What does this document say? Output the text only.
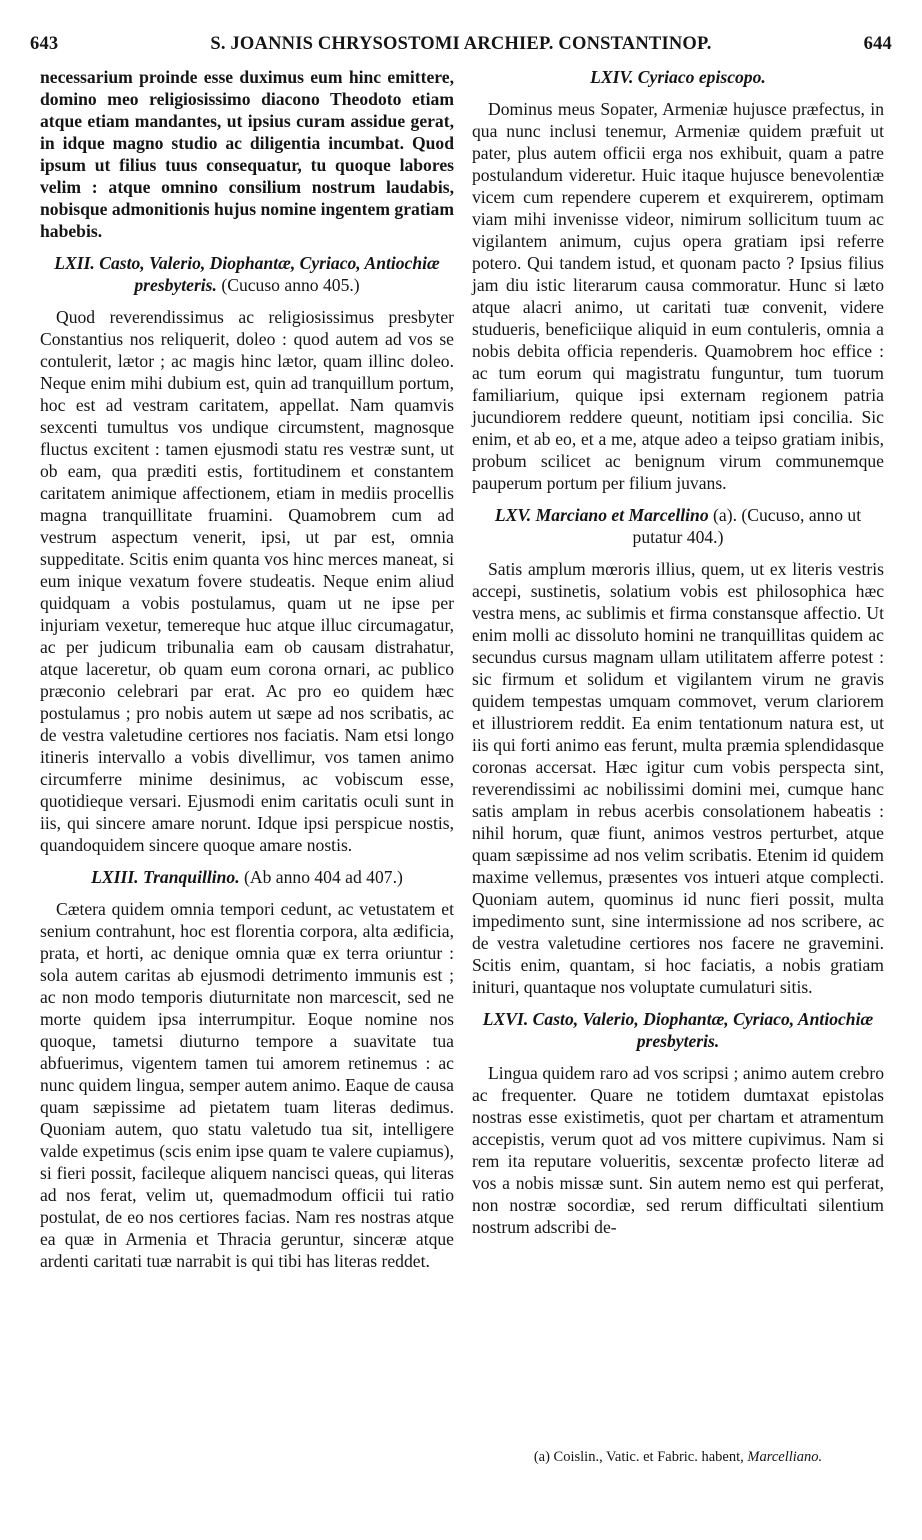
643	S. JOANNIS CHRYSOSTOMI ARCHIEP. CONSTANTINOP.	644

necessarium proinde esse duximus eum hinc emittere, domino meo religiosissimo diacono Theodoto etiam atque etiam mandantes, ut ipsius curam assidue gerat, in idque magno studio ac diligentia incumbat. Quod ipsum ut filius tuus consequatur, tu quoque labores velim : atque omnino consilium nostrum laudabis, nobisque admonitionis hujus nomine ingentem gratiam habebis.

LXII. Casto, Valerio, Diophantæ, Cyriaco, Antiochiæ presbyteris. (Cucuso anno 405.)

Quod reverendissimus ac religiosissimus presbyter Constantius nos reliquerit, doleo : quod autem ad vos se contulerit, lætor ; ac magis hinc lætor, quam illinc doleo. Neque enim mihi dubium est, quin ad tranquillum portum, hoc est ad vestram caritatem, appellat. Nam quamvis sexcenti tumultus vos undique circumstent, magnosque fluctus excitent : tamen ejusmodi statu res vestræ sunt, ut ob eam, qua præditi estis, fortitudinem et constantem caritatem animique affectionem, etiam in mediis procellis magna tranquillitate fruamini. Quamobrem cum ad vestrum aspectum venerit, ipsi, ut par est, omnia suppeditate. Scitis enim quanta vos hinc merces maneat, si eum inique vexatum fovere studeatis. Neque enim aliud quidquam a vobis postulamus, quam ut ne ipse per injuriam vexetur, temereque huc atque illuc circumagatur, ac per judicum tribunalia eam ob causam distrahatur, atque laceretur, ob quam eum corona ornari, ac publico præconio celebrari par erat. Ac pro eo quidem hæc postulamus ; pro nobis autem ut sæpe ad nos scribatis, ac de vestra valetudine certiores nos faciatis. Nam etsi longo itineris intervallo a vobis divellimur, vos tamen animo circumferre minime desinimus, ac vobiscum esse, quotidieque versari. Ejusmodi enim caritatis oculi sunt in iis, qui sincere amare norunt. Idque ipsi perspicue nostis, quandoquidem sincere quoque amare nostis.

LXIII. Tranquillino. (Ab anno 404 ad 407.)

Cætera quidem omnia tempori cedunt, ac vetustatem et senium contrahunt, hoc est florentia corpora, alta ædificia, prata, et horti, ac denique omnia quæ ex terra oriuntur : sola autem caritas ab ejusmodi detrimento immunis est ; ac non modo temporis diuturnitate non marcescit, sed ne morte quidem ipsa interrumpitur. Eoque nomine nos quoque, tametsi diuturno tempore a suavitate tua abfuerimus, vigentem tamen tui amorem retinemus : ac nunc quidem lingua, semper autem animo. Eaque de causa quam sæpissime ad pietatem tuam literas dedimus. Quoniam autem, quo statu valetudo tua sit, intelligere valde expetimus (scis enim ipse quam te valere cupiamus), si fieri possit, facileque aliquem nancisci queas, qui literas ad nos ferat, velim ut, quemadmodum officii tui ratio postulat, de eo nos certiores facias. Nam res nostras atque ea quæ in Armenia et Thracia geruntur, sinceræ atque ardenti caritati tuæ narrabit is qui tibi has literas reddet.

LXIV. Cyriaco episcopo.

Dominus meus Sopater, Armeniæ hujusce præfectus, in qua nunc inclusi tenemur, Armeniæ quidem præfuit ut pater, plus autem officii erga nos exhibuit, quam a patre postulandum videretur. Huic itaque hujusce benevolentiæ vicem cum rependere cuperem et exquirerem, optimam viam mihi invenisse videor, nimirum sollicitum tuum ac vigilantem animum, cujus opera gratiam ipsi referre potero. Qui tandem istud, et quonam pacto ? Ipsius filius jam diu istic literarum causa commoratur. Hunc si læto atque alacri animo, ut caritati tuæ convenit, videre studueris, beneficiique aliquid in eum contuleris, omnia a nobis debita officia rependeris. Quamobrem hoc effice : ac tum eorum qui magistratu funguntur, tum tuorum familiarium, quique ipsi externam regionem patria jucundiorem reddere queunt, notitiam ipsi concilia. Sic enim, et ab eo, et a me, atque adeo a teipso gratiam inibis, probum scilicet ac benignum virum communemque pauperum portum per filium juvans.

LXV. Marciano et Marcellino (a). (Cucuso, anno ut putatur 404.)

Satis amplum mœroris illius, quem, ut ex literis vestris accepi, sustinetis, solatium vobis est philosophica hæc vestra mens, ac sublimis et firma constansque affectio. Ut enim molli ac dissoluto homini ne tranquillitas quidem ac secundus cursus magnam ullam utilitatem afferre potest : sic firmum et solidum et vigilantem virum ne gravis quidem tempestas umquam commovet, verum clariorem et illustriorem reddit. Ea enim tentationum natura est, ut iis qui forti animo eas ferunt, multa præmia splendidasque coronas accersat. Hæc igitur cum vobis perspecta sint, reverendissimi ac nobilissimi domini mei, cumque hanc satis amplam in rebus acerbis consolationem habeatis : nihil horum, quæ fiunt, animos vestros perturbet, atque quam sæpissime ad nos velim scribatis. Etenim id quidem maxime vellemus, præsentes vos intueri atque complecti. Quoniam autem, quominus id nunc fieri possit, multa impedimento sunt, sine intermissione ad nos scribere, ac de vestra valetudine certiores nos facere ne gravemini. Scitis enim, quantam, si hoc faciatis, a nobis gratiam inituri, quantaque nos voluptate cumulaturi sitis.

LXVI. Casto, Valerio, Diophantæ, Cyriaco, Antiochiæ presbyteris.

Lingua quidem raro ad vos scripsi ; animo autem crebro ac frequenter. Quare ne totidem dumtaxat epistolas nostras esse existimetis, quot per chartam et atramentum accepistis, verum quot ad vos mittere cupivimus. Nam si rem ita reputare volueritis, sexcentæ profecto literæ ad vos a nobis missæ sunt. Sin autem nemo est qui perferat, non nostræ socordiæ, sed rerum difficultati silentium nostrum adscribi de-

(a) Coislin., Vatic. et Fabric. habent, Marcelliano.
